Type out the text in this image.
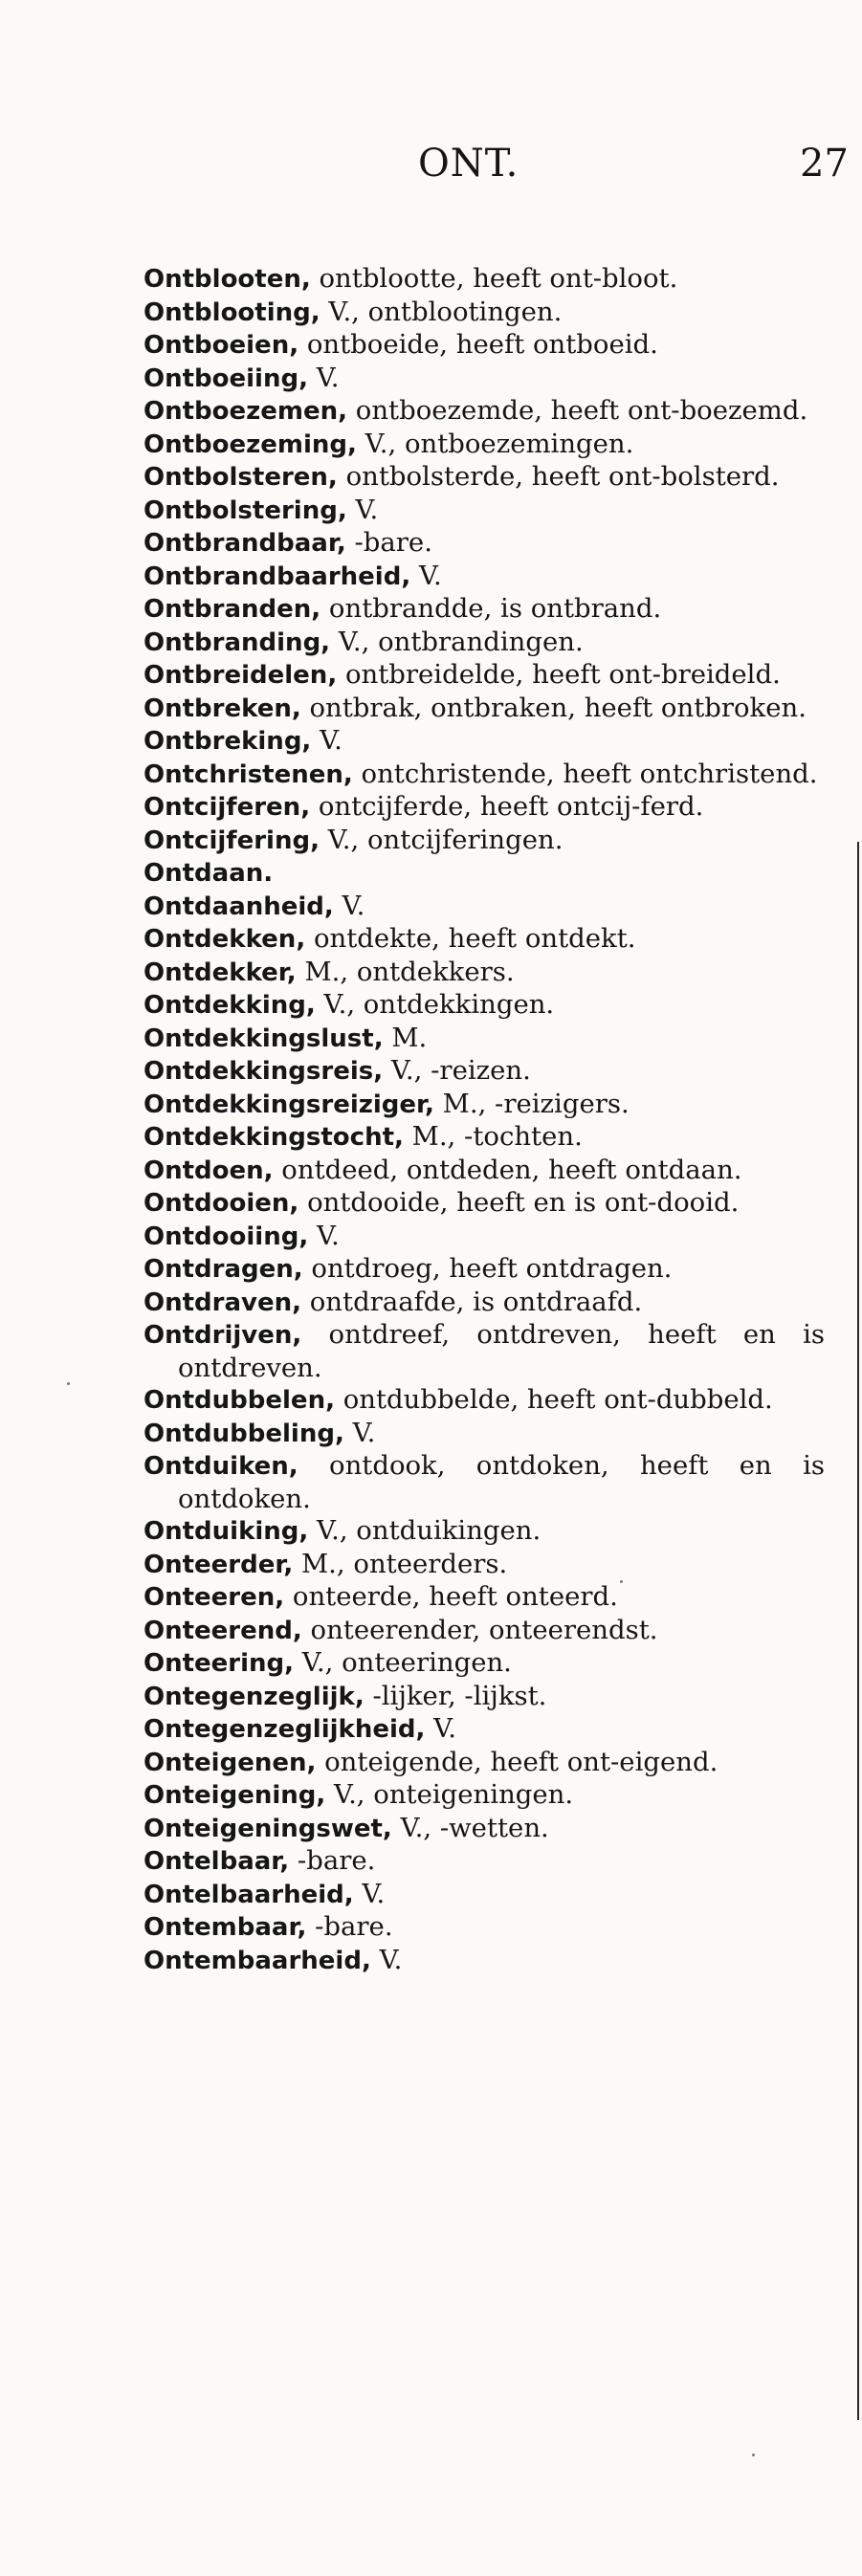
ONT.	27

Ontblooten, ontblootte, heeft ont-bloot.

Ontblooting, V., ontblootingen.

Ontboeien, ontboeide, heeft ontboeid.

Ontboeiing, V.

Ontboezemen, ontboezemde, heeft ont-boezemd.

Ontboezeming, V., ontboezemingen.

Ontbolsteren, ontbolsterde, heeft ont-bolsterd.

Ontbolstering, V.

Ontbrandbaar, -bare.

Ontbrandbaarheid, V.

Ontbranden, ontbrandde, is ontbrand.

Ontbranding, V., ontbrandingen.

Ontbreidelen, ontbreidelde, heeft ont-breideld.

Ontbreken, ontbrak, ontbraken, heeft ontbroken.

Ontbreking, V.

Ontchristenen, ontchristende, heeft ontchristend.

Ontcijferen, ontcijferde, heeft ontcij-ferd.

Ontcijfering, V., ontcijferingen.

Ontdaan.

Ontdaanheid, V.

Ontdekken, ontdekte, heeft ontdekt.

Ontdekker, M., ontdekkers.

Ontdekking, V., ontdekkingen.

Ontdekkingslust, M.

Ontdekkingsreis, V., -reizen.

Ontdekkingsreiziger, M., -reizigers.

Ontdekkingstocht, M., -tochten.

Ontdoen, ontdeed, ontdeden, heeft ontdaan.

Ontdooien, ontdooide, heeft en is ont-dooid.

Ontdooiing, V.

Ontdragen, ontdroeg, heeft ontdragen.

Ontdraven, ontdraafde, is ontdraafd.

Ontdrijven, ontdreef, ontdreven, heeft en is ontdreven.

Ontdubbelen, ontdubbelde, heeft ont-dubbeld.

Ontdubbeling, V.

Ontduiken, ontdook, ontdoken, heeft en is ontdoken.

Ontduiking, V., ontduikingen.

Onteerder, M., onteerders.

Onteeren, onteerde, heeft onteerd.

Onteerend, onteerender, onteerendst.

Onteering, V., onteeringen.

Ontegenzeglijk, -lijker, -lijkst.

Ontegenzeglijkheid, V.

Onteigenen, onteigende, heeft ont-eigend.

Onteigening, V., onteigeningen.

Onteigeningswet, V., -wetten.

Ontelbaar, -bare.

Ontelbaarheid, V.

Ontembaar, -bare.

Ontembaarheid, V.
